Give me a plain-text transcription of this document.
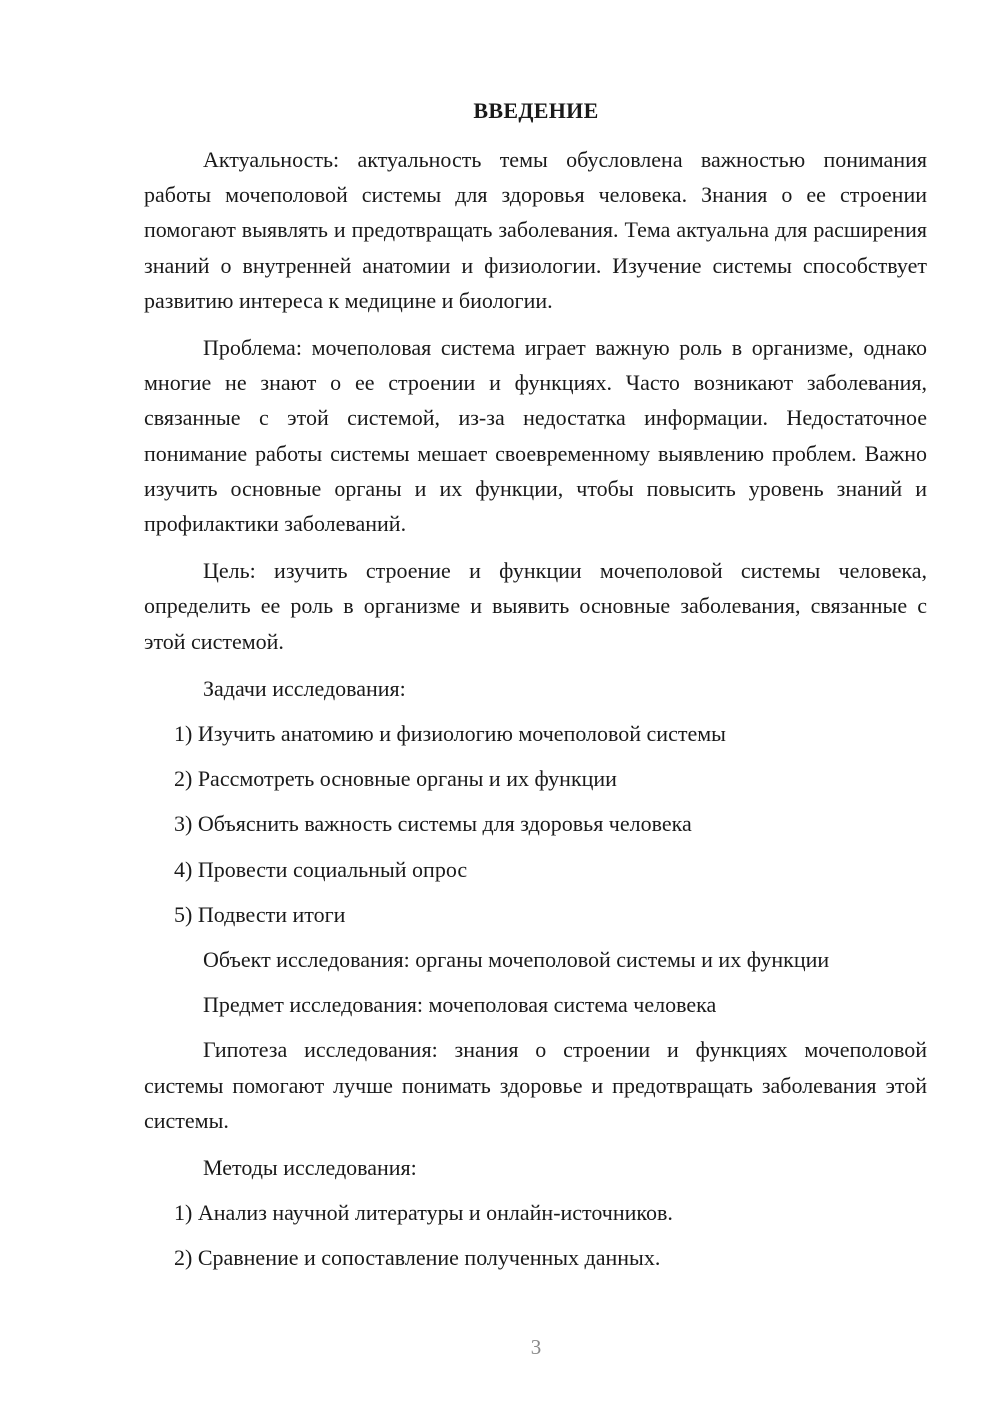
ВВЕДЕНИЕ

Актуальность: актуальность темы обусловлена важностью понимания работы мочеполовой системы для здоровья человека. Знания о ее строении помогают выявлять и предотвращать заболевания. Тема актуальна для расширения знаний о внутренней анатомии и физиологии. Изучение системы способствует развитию интереса к медицине и биологии.

Проблема: мочеполовая система играет важную роль в организме, однако многие не знают о ее строении и функциях. Часто возникают заболевания, связанные с этой системой, из-за недостатка информации. Недостаточное понимание работы системы мешает своевременному выявлению проблем. Важно изучить основные органы и их функции, чтобы повысить уровень знаний и профилактики заболеваний.

Цель: изучить строение и функции мочеполовой системы человека, определить ее роль в организме и выявить основные заболевания, связанные с этой системой.

Задачи исследования:
1) Изучить анатомию и физиологию мочеполовой системы
2) Рассмотреть основные органы и их функции
3) Объяснить важность системы для здоровья человека
4) Провести социальный опрос
5) Подвести итоги
Объект исследования: органы мочеполовой системы и их функции
Предмет исследования: мочеполовая система человека

Гипотеза исследования: знания о строении и функциях мочеполовой системы помогают лучше понимать здоровье и предотвращать заболевания этой системы.

Методы исследования:
1) Анализ научной литературы и онлайн-источников.
2) Сравнение и сопоставление полученных данных.
3
